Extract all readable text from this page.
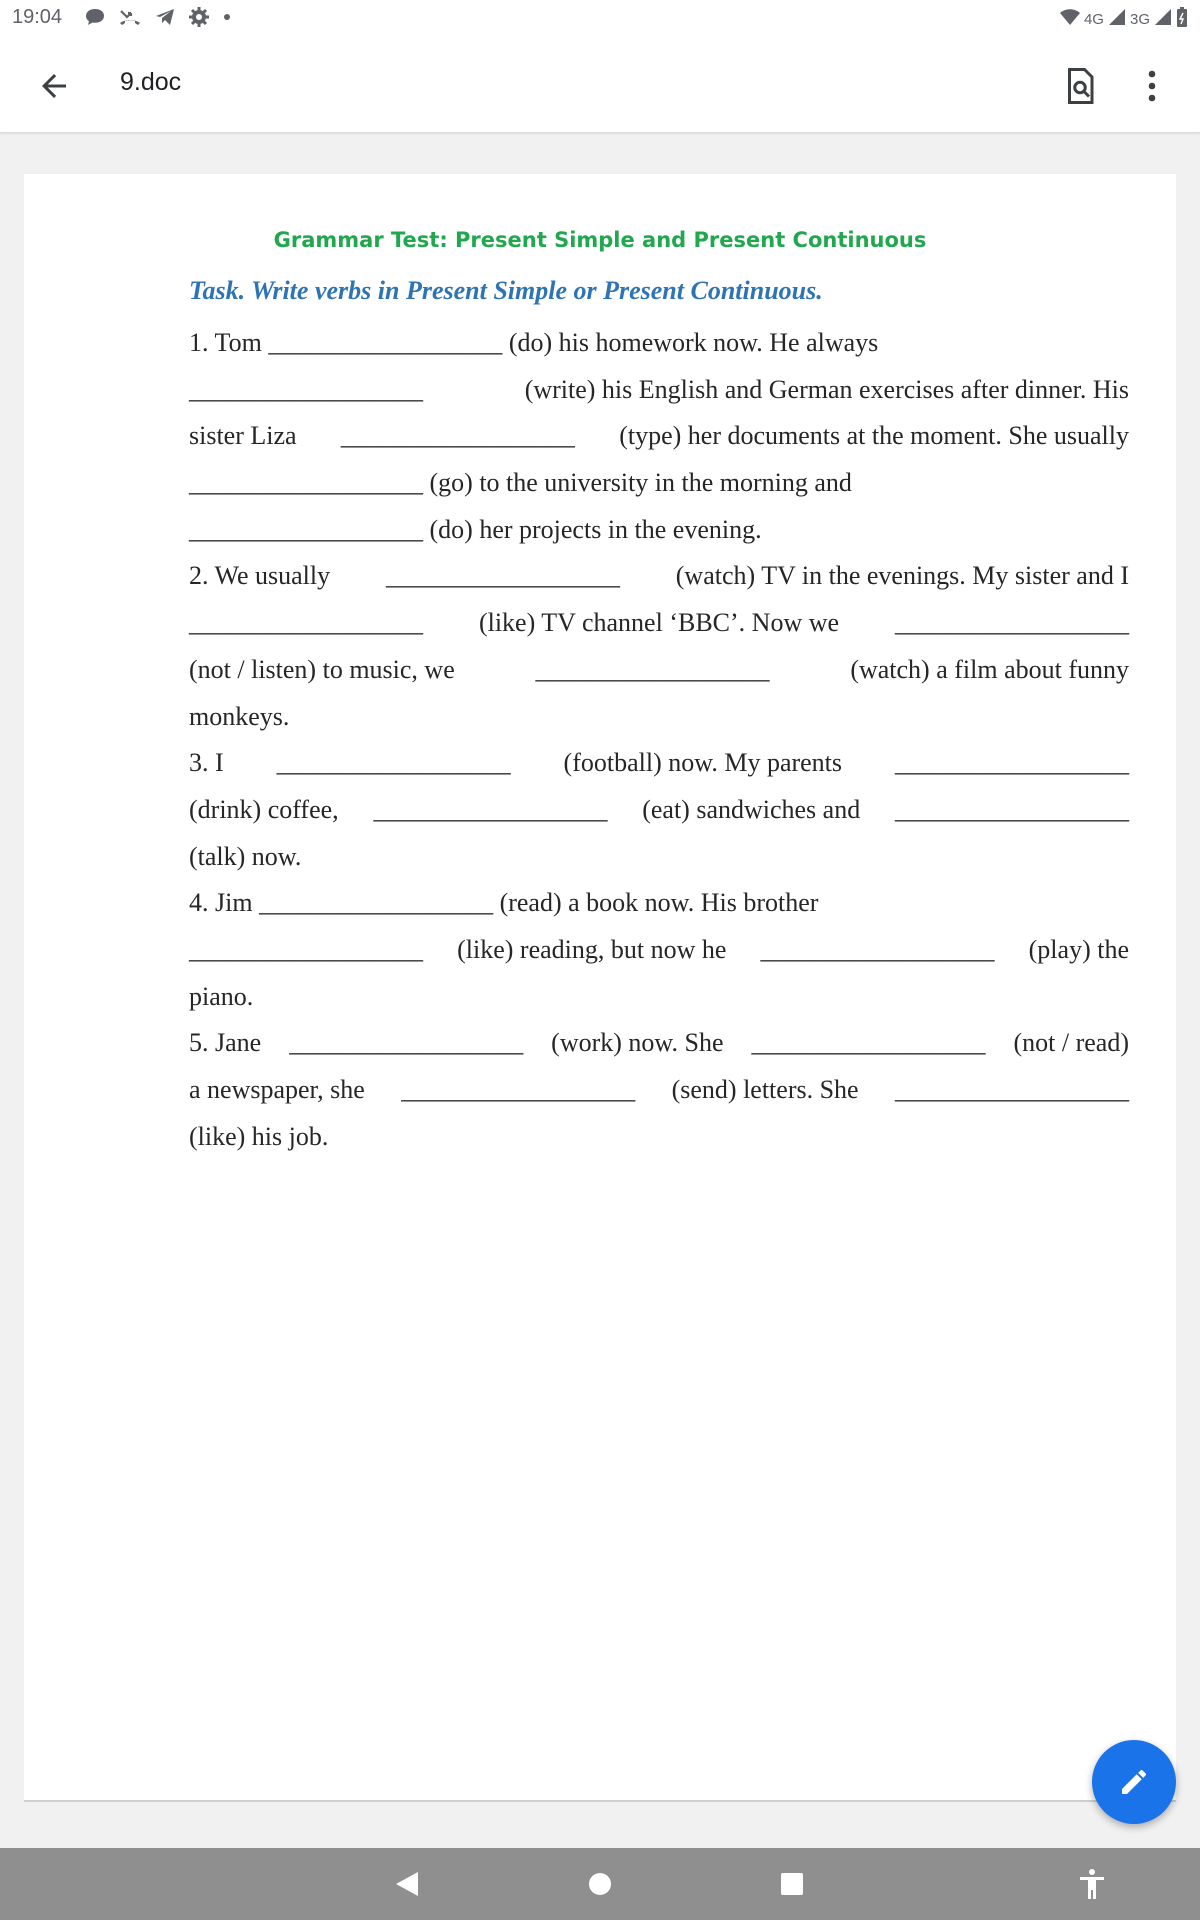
19:04	4G 3G
9.doc
Grammar Test: Present Simple and Present Continuous
Task. Write verbs in Present Simple or Present Continuous.
1. Tom __________________ (do) his homework now. He always
__________________	(write) his English and German exercises after dinner. His
sister Liza __________________ (type) her documents at the moment. She usually
__________________ (go) to the university in the morning and
__________________ (do) her projects in the evening.
2. We usually __________________ (watch) TV in the evenings. My sister and I
__________________ (like) TV channel ‘BBC’. Now we __________________
(not / listen) to music, we	__________________	(watch) a film about funny
monkeys.
3. I __________________ (football) now. My parents __________________
(drink) coffee, __________________ (eat) sandwiches and __________________
(talk) now.
4. Jim __________________ (read) a book now. His brother
__________________ (like) reading, but now he __________________ (play) the
piano.
5. Jane __________________ (work) now. She __________________ (not / read)
a newspaper, she __________________ (send) letters. She __________________
(like) his job.
